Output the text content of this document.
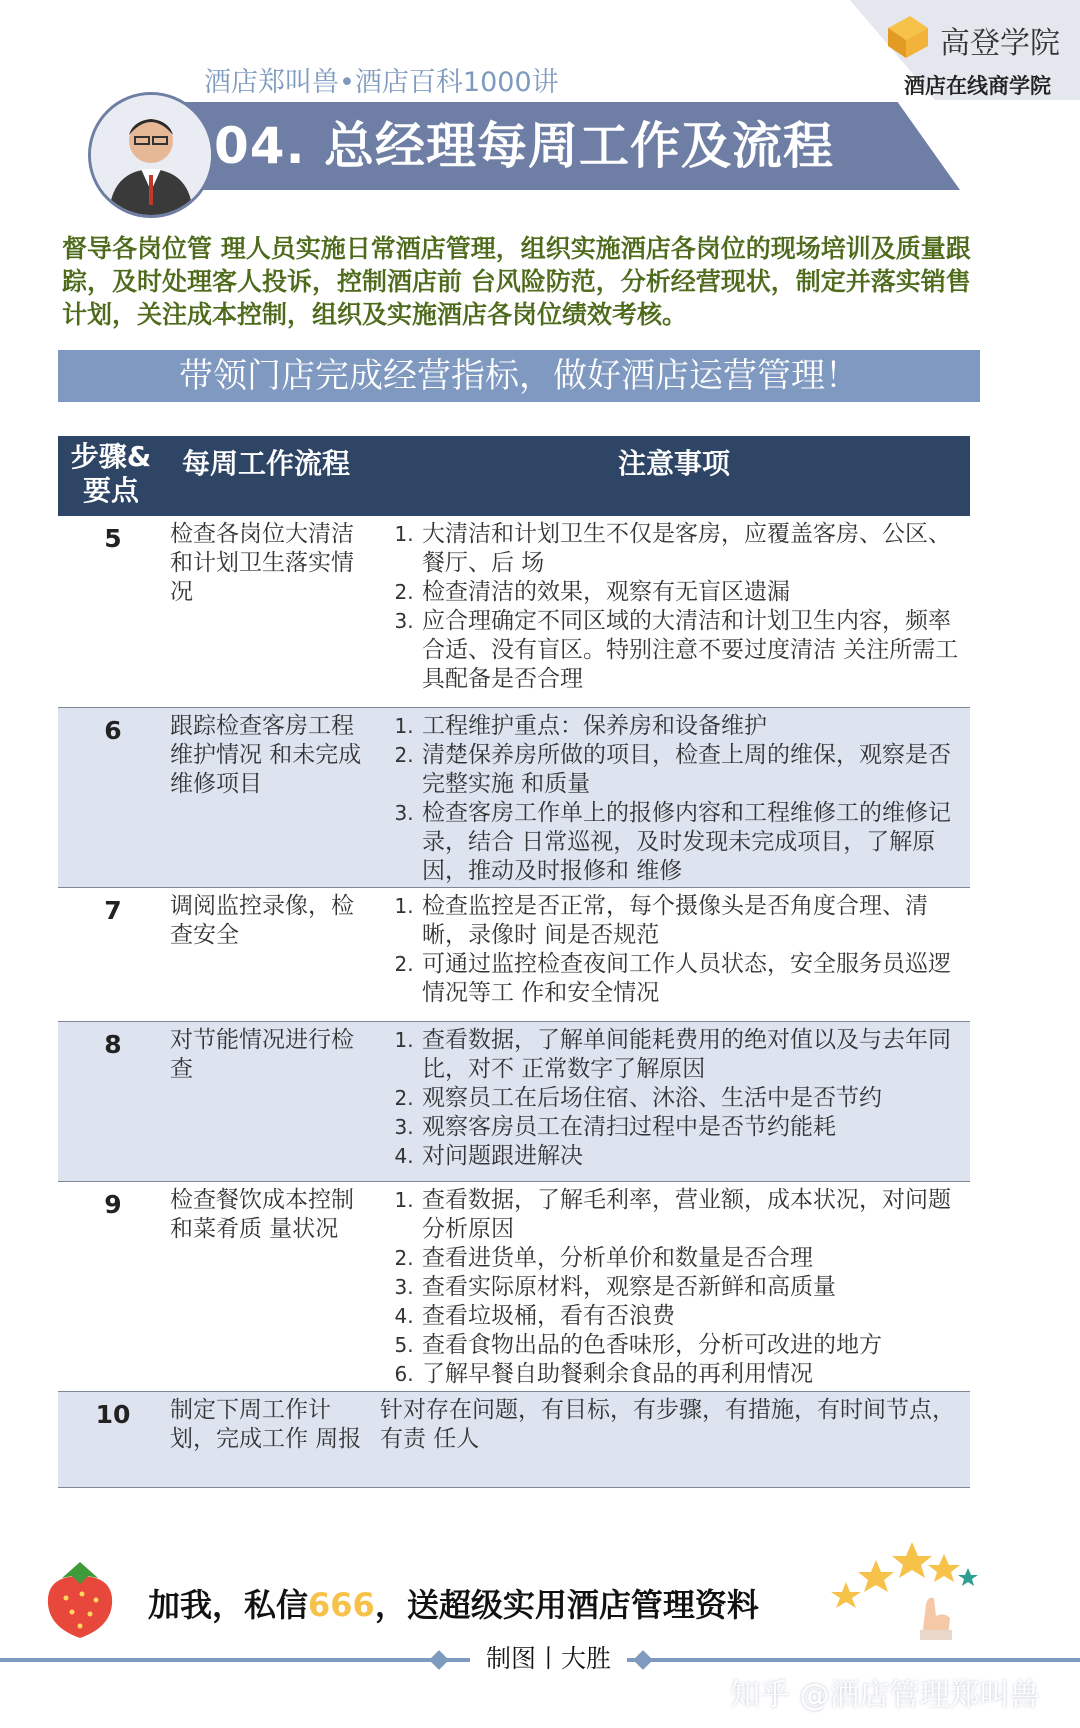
高登学院
酒店在线商学院
酒店郑叫兽•酒店百科1000讲
04. 总经理每周工作及流程
督导各岗位管 理人员实施日常酒店管理，组织实施酒店各岗位的现场培训及质量跟踪，及时处理客人投诉，控制酒店前 台风险防范，分析经营现状，制定并落实销售计划，关注成本控制，组织及实施酒店各岗位绩效考核。
带领门店完成经营指标，做好酒店运营管理！
步骤&要点
每周工作流程	注意事项
5	检查各岗位大清洁和计划卫生落实情况
1. 大清洁和计划卫生不仅是客房，应覆盖客房、公区、餐厅、后 场
2. 检查清洁的效果，观察有无盲区遗漏
3. 应合理确定不同区域的大清洁和计划卫生内容，频率合适、没有盲区。特别注意不要过度清洁 关注所需工具配备是否合理
6	跟踪检查客房工程维护情况 和未完成维修项目
1. 工程维护重点：保养房和设备维护
2. 清楚保养房所做的项目，检查上周的维保，观察是否完整实施 和质量
3. 检查客房工作单上的报修内容和工程维修工的维修记录，结合 日常巡视，及时发现未完成项目，了解原因，推动及时报修和 维修
7	调阅监控录像，检查安全
1. 检查监控是否正常，每个摄像头是否角度合理、清晰，录像时 间是否规范
2. 可通过监控检查夜间工作人员状态，安全服务员巡逻情况等工 作和安全情况
8	对节能情况进行检查
1. 查看数据，了解单间能耗费用的绝对值以及与去年同比，对不 正常数字了解原因
2. 观察员工在后场住宿、沐浴、生活中是否节约
3. 观察客房员工在清扫过程中是否节约能耗
4. 对问题跟进解决
9	检查餐饮成本控制和菜肴质 量状况
1. 查看数据，了解毛利率，营业额，成本状况，对问题分析原因
2. 查看进货单，分析单价和数量是否合理
3. 查看实际原材料，观察是否新鲜和高质量
4. 查看垃圾桶，看有否浪费
5. 查看食物出品的色香味形，分析可改进的地方
6. 了解早餐自助餐剩余食品的再利用情况
10	制定下周工作计划，完成工作 周报
针对存在问题，有目标，有步骤，有措施，有时间节点，有责 任人
加我，私信666，送超级实用酒店管理资料
制图丨大胜
知乎 @酒店管理郑叫兽
